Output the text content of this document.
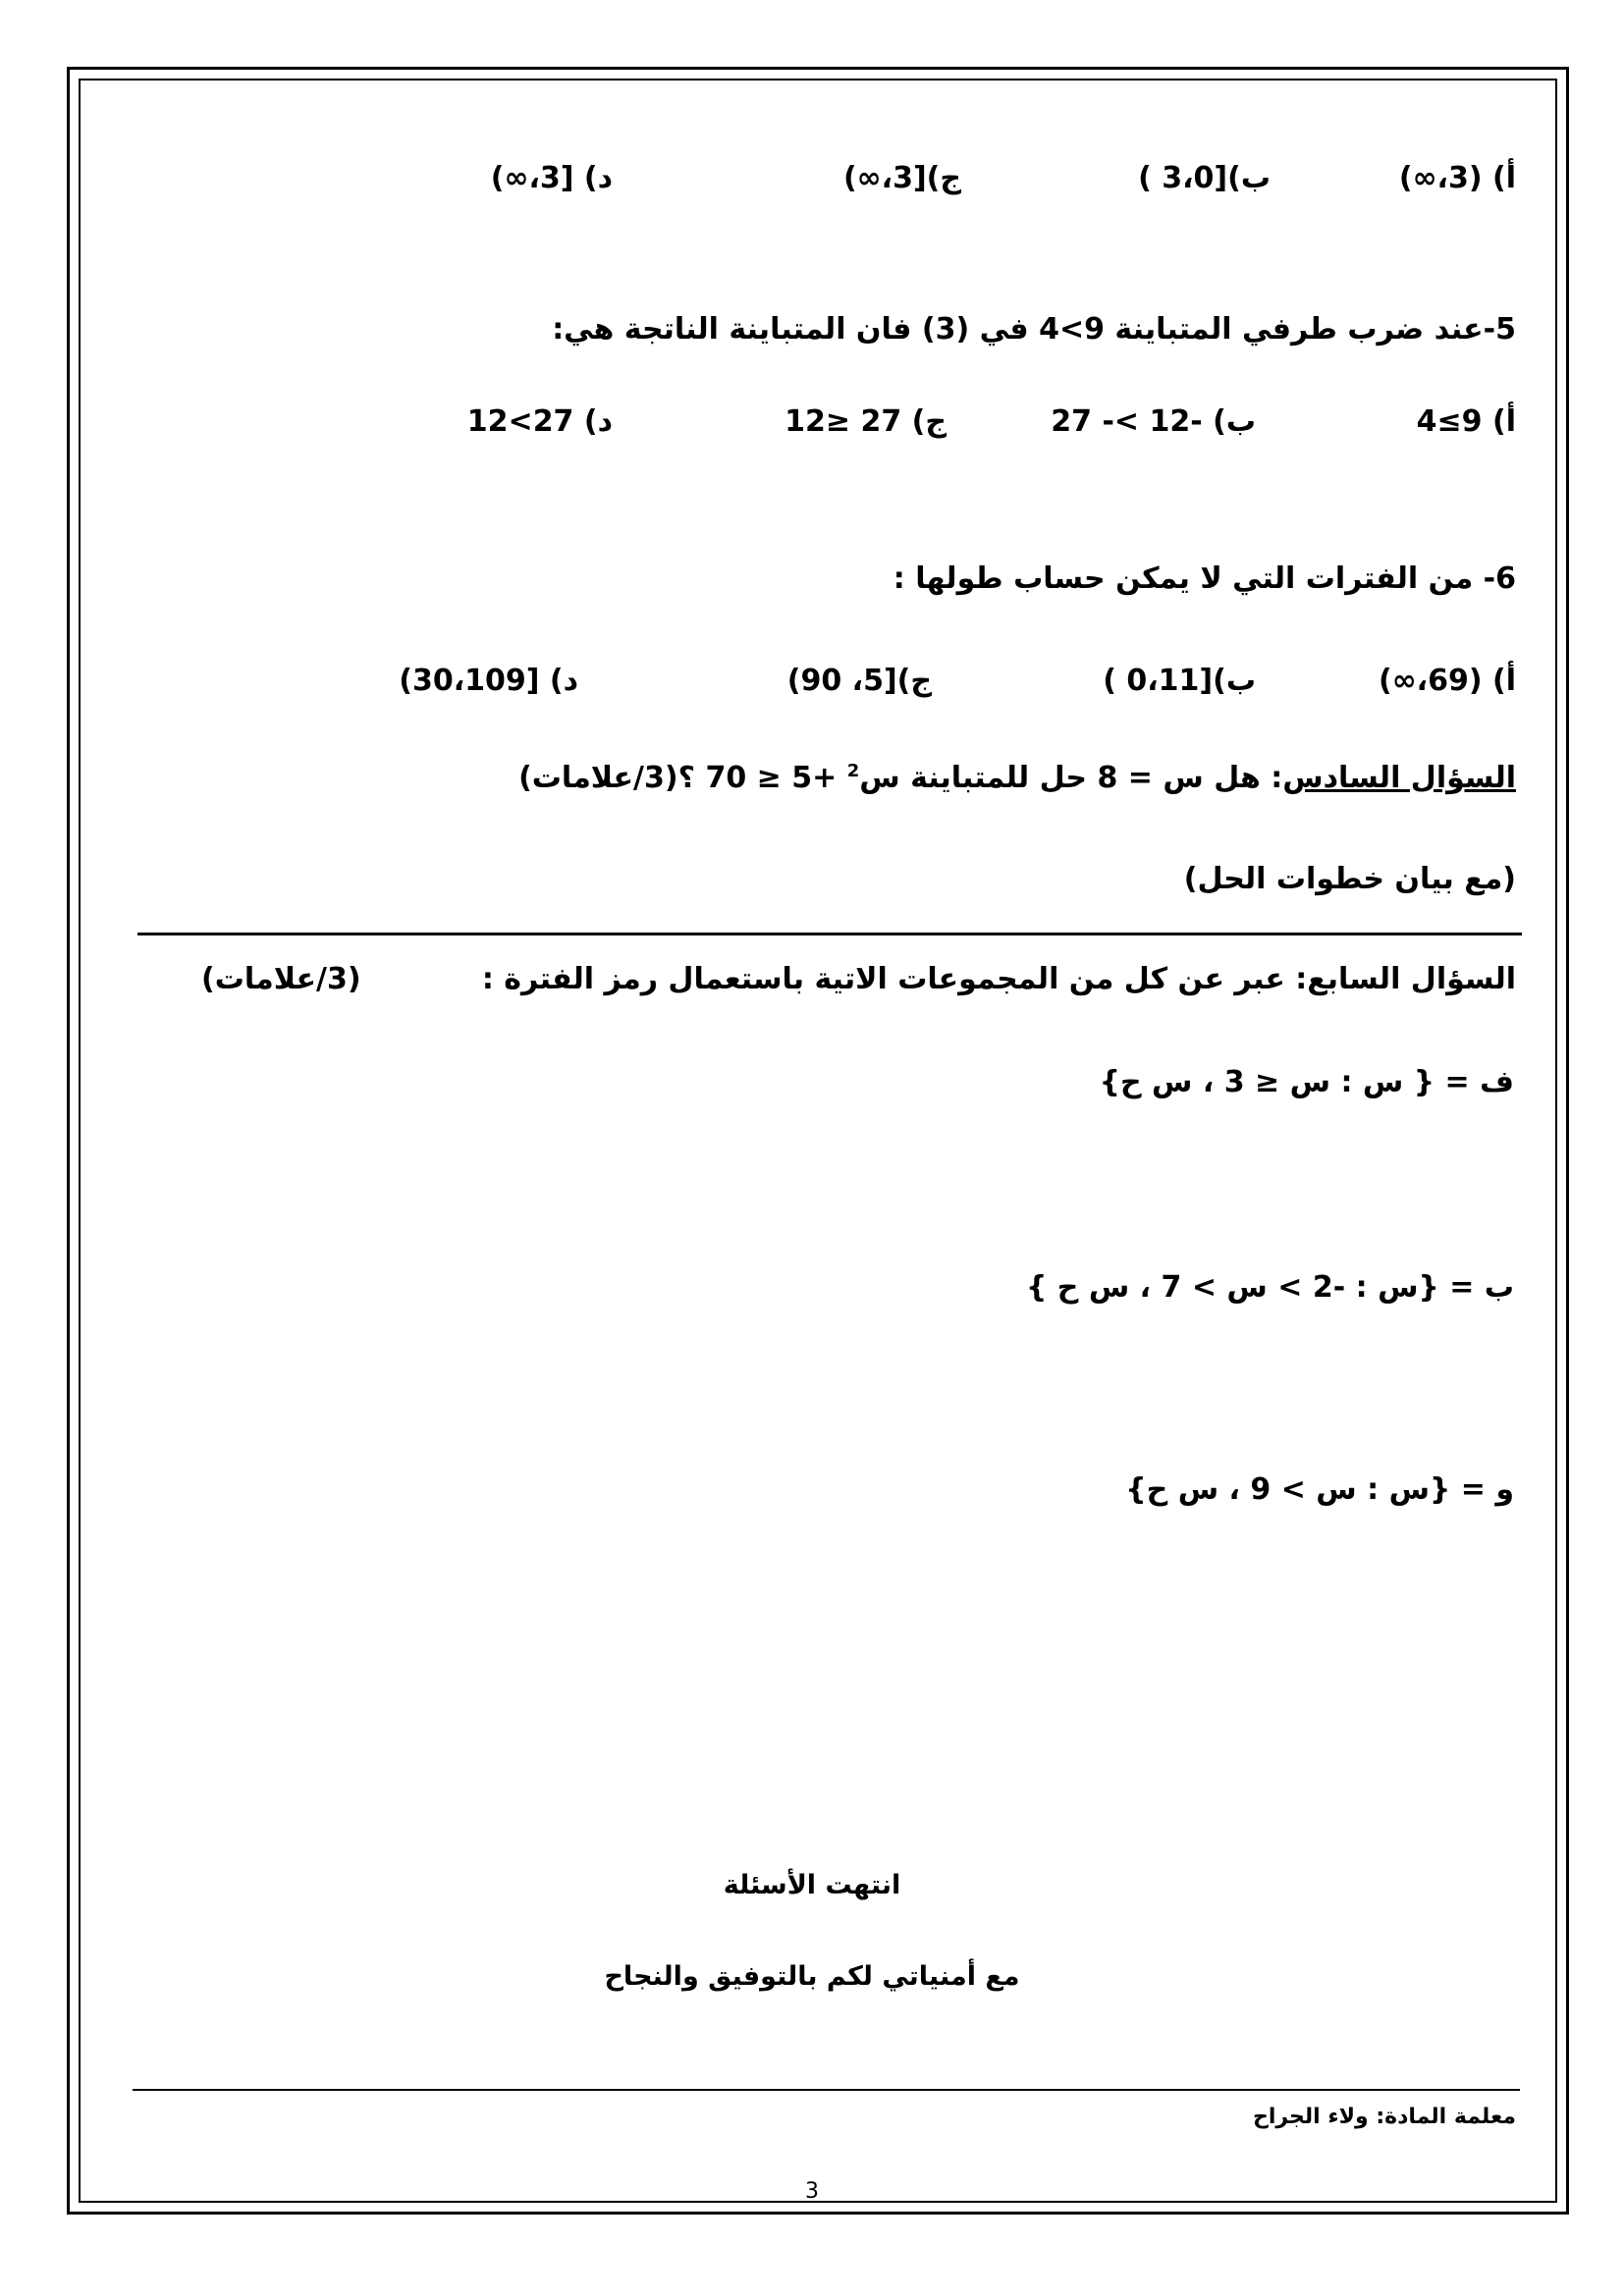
أ) (3،∞)
ب)[3،0 )
ج)[3،∞)
د) [3،∞)
5-عند ضرب طرفي المتباينة 9>4 في (3) فان المتباينة الناتجة هي:
أ) 9≥4
ب) -12 >- 27
ج) 27 ≤12
د) 27>12
6- من الفترات التي لا يمكن حساب طولها :
أ) (69،∞)
ب)[0،11 )
ج)[5، 90)
د) [30،109)
السؤال السادس: هل س = 8 حل للمتباينة س$^2$ +5 ≤ 70 ؟(3/علامات)
(مع بيان خطوات الحل)
السؤال السابع: عبر عن كل من المجموعات الاتية باستعمال رمز الفترة :
(3/علامات)
ف = { س : س ≤ 3 ، س ح}
ب = {س : -2 > س > 7 ، س ح }
و = {س : س > 9 ، س ح}
انتهت الأسئلة
مع أمنياتي لكم بالتوفيق والنجاح
معلمة المادة: ولاء الجراح
3
